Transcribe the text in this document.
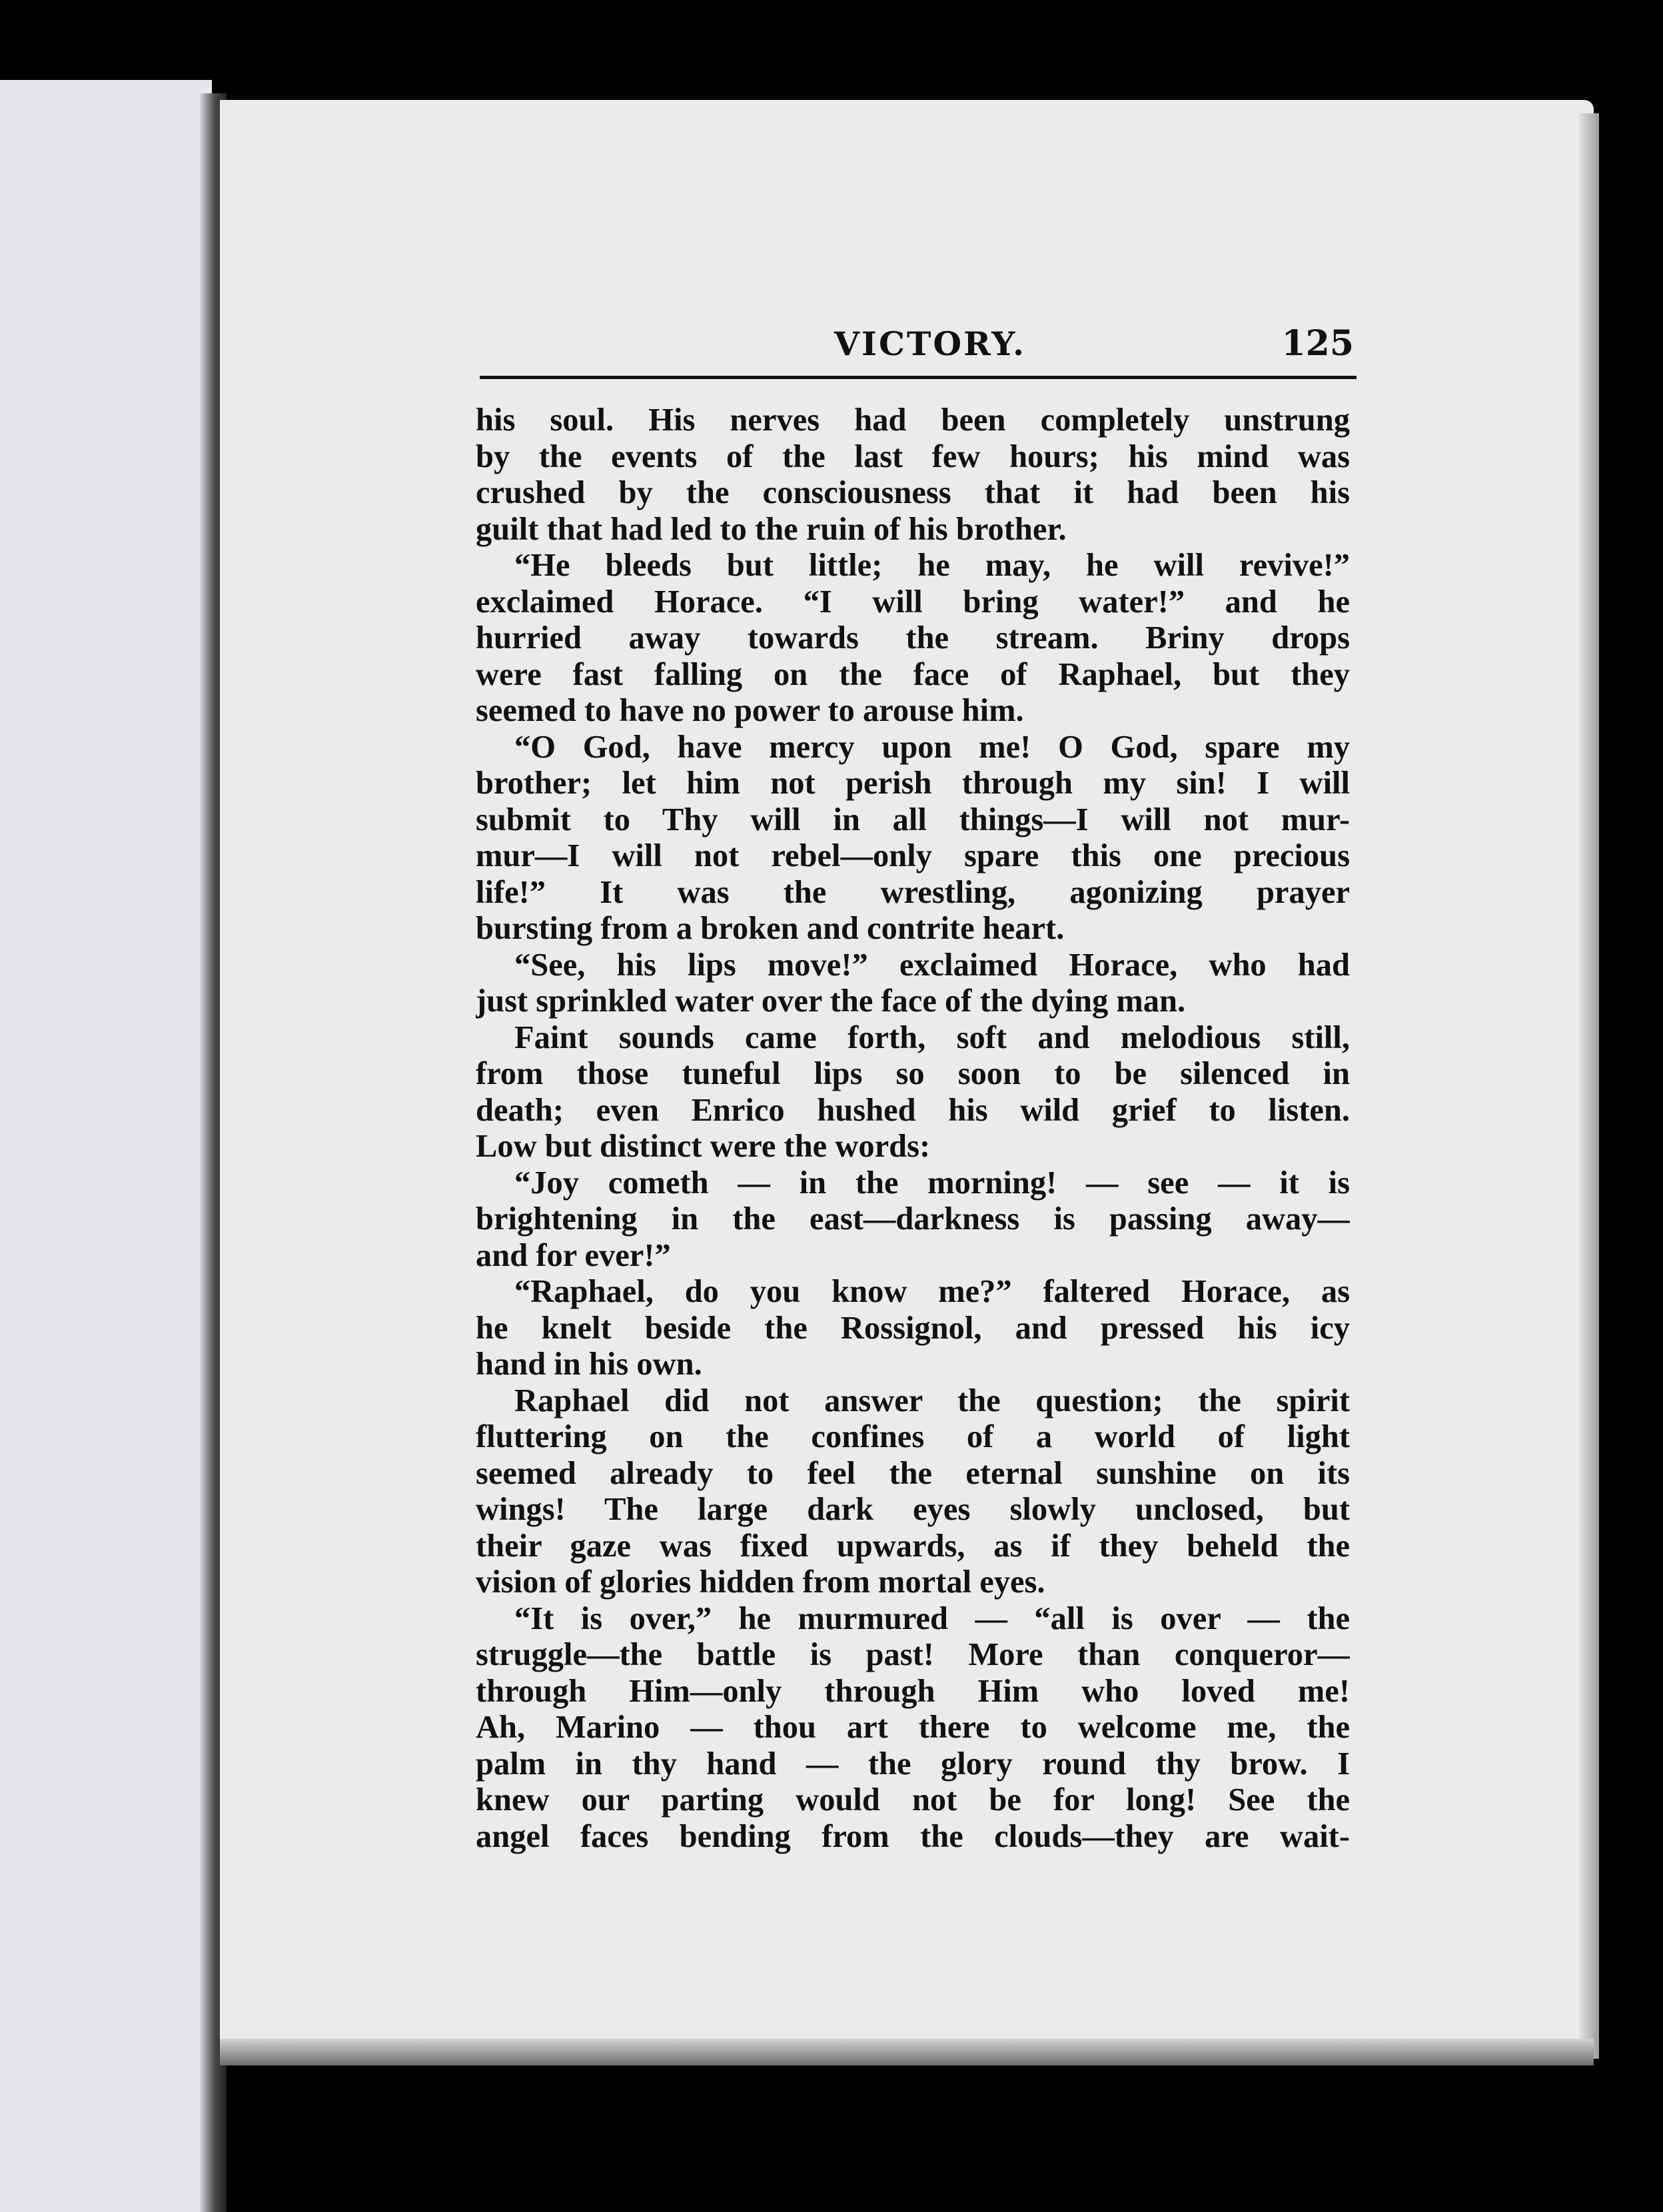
VICTORY.	125
his soul. His nerves had been completely unstrung
by the events of the last few hours; his mind was
crushed by the consciousness that it had been his
guilt that had led to the ruin of his brother.
“He bleeds but little; he may, he will revive!”
exclaimed Horace. “I will bring water!” and he
hurried away towards the stream. Briny drops
were fast falling on the face of Raphael, but they
seemed to have no power to arouse him.
“O God, have mercy upon me! O God, spare my
brother; let him not perish through my sin! I will
submit to Thy will in all things—I will not mur-
mur—I will not rebel—only spare this one precious
life!” It was the wrestling, agonizing prayer
bursting from a broken and contrite heart.
“See, his lips move!” exclaimed Horace, who had
just sprinkled water over the face of the dying man.
Faint sounds came forth, soft and melodious still,
from those tuneful lips so soon to be silenced in
death; even Enrico hushed his wild grief to listen.
Low but distinct were the words:
“Joy cometh — in the morning! — see — it is
brightening in the east—darkness is passing away—
and for ever!”
“Raphael, do you know me?” faltered Horace, as
he knelt beside the Rossignol, and pressed his icy
hand in his own.
Raphael did not answer the question; the spirit
fluttering on the confines of a world of light
seemed already to feel the eternal sunshine on its
wings! The large dark eyes slowly unclosed, but
their gaze was fixed upwards, as if they beheld the
vision of glories hidden from mortal eyes.
“It is over,” he murmured — “all is over — the
struggle—the battle is past! More than conqueror—
through Him—only through Him who loved me!
Ah, Marino — thou art there to welcome me, the
palm in thy hand — the glory round thy brow. I
knew our parting would not be for long! See the
angel faces bending from the clouds—they are wait-
